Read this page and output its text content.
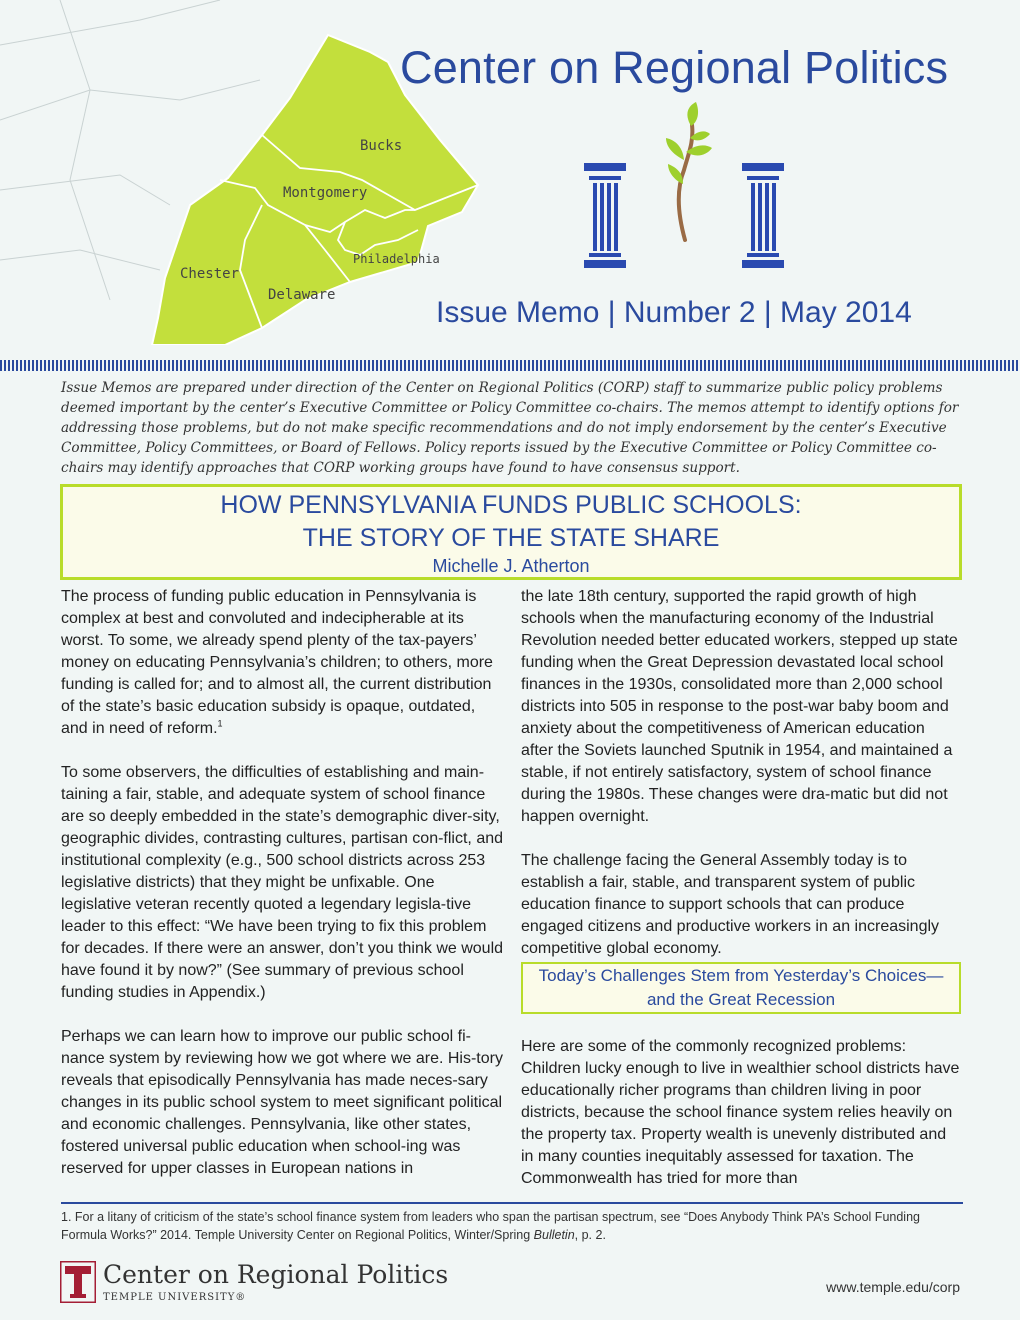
Bucks
Montgomery
Chester
Delaware
Philadelphia
Center on Regional Politics
Issue Memo | Number 2 | May 2014
Issue Memos are prepared under direction of the Center on Regional Politics (CORP) staff to summarize public policy problems deemed important by the center’s Executive Committee or Policy Committee co-chairs. The memos attempt to identify options for addressing those problems, but do not make specific recommendations and do not imply endorsement by the center’s Executive Committee, Policy Committees, or Board of Fellows. Policy reports issued by the Executive Committee or Policy Committee co-chairs may identify approaches that CORP working groups have found to have consensus support.
HOW PENNSYLVANIA FUNDS PUBLIC SCHOOLS:
THE STORY OF THE STATE SHARE
Michelle J. Atherton

The process of funding public education in Pennsylvania is complex at best and convoluted and indecipherable at its worst. To some, we already spend plenty of the tax-payers’ money on educating Pennsylvania’s children; to others, more funding is called for; and to almost all, the current distribution of the state’s basic education subsidy is opaque, outdated, and in need of reform.$^1$

To some observers, the difficulties of establishing and main-taining a fair, stable, and adequate system of school finance are so deeply embedded in the state’s demographic diver-sity, geographic divides, contrasting cultures, partisan con-flict, and institutional complexity (e.g., 500 school districts across 253 legislative districts) that they might be unfixable. One legislative veteran recently quoted a legendary legisla-tive leader to this effect: “We have been trying to fix this problem for decades. If there were an answer, don’t you think we would have found it by now?” (See summary of previous school funding studies in Appendix.)

Perhaps we can learn how to improve our public school fi-nance system by reviewing how we got where we are. His-tory reveals that episodically Pennsylvania has made neces-sary changes in its public school system to meet significant political and economic challenges. Pennsylvania, like other states, fostered universal public education when school-ing was reserved for upper classes in European nations in

the late 18th century, supported the rapid growth of high schools when the manufacturing economy of the Industrial Revolution needed better educated workers, stepped up state funding when the Great Depression devastated local school finances in the 1930s, consolidated more than 2,000 school districts into 505 in response to the post-war baby boom and anxiety about the competitiveness of American education after the Soviets launched Sputnik in 1954, and maintained a stable, if not entirely satisfactory, system of school finance during the 1980s. These changes were dra-matic but did not happen overnight.

The challenge facing the General Assembly today is to establish a fair, stable, and transparent system of public education finance to support schools that can produce engaged citizens and productive workers in an increasingly competitive global economy.

Today’s Challenges Stem from Yesterday’s Choices—
and the Great Recession

Here are some of the commonly recognized problems: Children lucky enough to live in wealthier school districts have educationally richer programs than children living in poor districts, because the school finance system relies heavily on the property tax. Property wealth is unevenly distributed and in many counties inequitably assessed for taxation. The Commonwealth has tried for more than

1. For a litany of criticism of the state’s school finance system from leaders who span the partisan spectrum, see “Does Anybody Think PA’s School Funding Formula Works?” 2014. Temple University Center on Regional Politics, Winter/Spring Bulletin, p. 2.
Center on Regional Politics
TEMPLE UNIVERSITY®
www.temple.edu/corp
